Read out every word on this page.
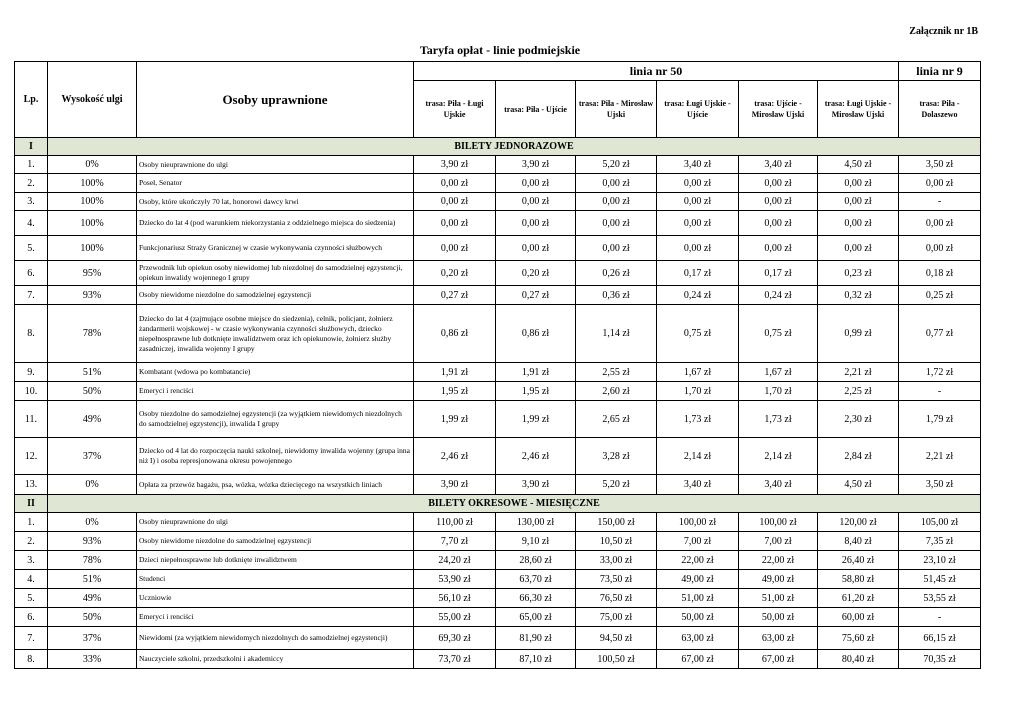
Załącznik nr 1B
Taryfa opłat - linie podmiejskie
Lp.	Wysokość ulgi	Osoby uprawnione	linia nr 50						linia nr 9
			trasa: Piła - Ługi Ujskie	trasa: Piła - Ujście	trasa: Piła - Mirosław Ujski	trasa: Ługi Ujskie - Ujście	trasa: Ujście - Mirosław Ujski	trasa: Ługi Ujskie - Mirosław Ujski	trasa: Piła - Dolaszewo
I	BILETY JEDNORAZOWE								
1.	0%	Osoby nieuprawnione do ulgi	3,90 zł	3,90 zł	5,20 zł	3,40 zł	3,40 zł	4,50 zł	3,50 zł
2.	100%	Poseł, Senator	0,00 zł	0,00 zł	0,00 zł	0,00 zł	0,00 zł	0,00 zł	0,00 zł
3.	100%	Osoby, które ukończyły 70 lat, honorowi dawcy krwi	0,00 zł	0,00 zł	0,00 zł	0,00 zł	0,00 zł	0,00 zł	-
4.	100%	Dziecko do lat 4 (pod warunkiem niekorzystania z oddzielnego miejsca do siedzenia)	0,00 zł	0,00 zł	0,00 zł	0,00 zł	0,00 zł	0,00 zł	0,00 zł
5.	100%	Funkcjonariusz Straży Granicznej w czasie wykonywania czynności służbowych	0,00 zł	0,00 zł	0,00 zł	0,00 zł	0,00 zł	0,00 zł	0,00 zł
6.	95%	Przewodnik lub opiekun osoby niewidomej lub niezdolnej do samodzielnej egzystencji, opiekun inwalidy wojennego I grupy	0,20 zł	0,20 zł	0,26 zł	0,17 zł	0,17 zł	0,23 zł	0,18 zł
7.	93%	Osoby niewidome niezdolne do samodzielnej egzystencji	0,27 zł	0,27 zł	0,36 zł	0,24 zł	0,24 zł	0,32 zł	0,25 zł
8.	78%	Dziecko do lat 4 (zajmujące osobne miejsce do siedzenia), celnik, policjant, żołnierz żandarmerii wojskowej - w czasie wykonywania czynności służbowych, dziecko niepełnosprawne lub dotknięte inwalidztwem oraz ich opiekunowie, żołnierz służby zasadniczej, inwalida wojenny I grupy	0,86 zł	0,86 zł	1,14 zł	0,75 zł	0,75 zł	0,99 zł	0,77 zł
9.	51%	Kombatant (wdowa po kombatancie)	1,91 zł	1,91 zł	2,55 zł	1,67 zł	1,67 zł	2,21 zł	1,72 zł
10.	50%	Emeryci i renciści	1,95 zł	1,95 zł	2,60 zł	1,70 zł	1,70 zł	2,25 zł	-
11.	49%	Osoby niezdolne do samodzielnej egzystencji (za wyjątkiem niewidomych niezdolnych do samodzielnej egzystencji), inwalida I grupy	1,99 zł	1,99 zł	2,65 zł	1,73 zł	1,73 zł	2,30 zł	1,79 zł
12.	37%	Dziecko od 4 lat do rozpoczęcia nauki szkolnej, niewidomy inwalida wojenny (grupa inna niż I) i osoba represjonowana okresu powojennego	2,46 zł	2,46 zł	3,28 zł	2,14 zł	2,14 zł	2,84 zł	2,21 zł
13.	0%	Opłata za przewóz bagażu, psa, wózka, wózka dziecięcego na wszystkich liniach	3,90 zł	3,90 zł	5,20 zł	3,40 zł	3,40 zł	4,50 zł	3,50 zł
II	BILETY OKRESOWE - MIESIĘCZNE								
1.	0%	Osoby nieuprawnione do ulgi	110,00 zł	130,00 zł	150,00 zł	100,00 zł	100,00 zł	120,00 zł	105,00 zł
2.	93%	Osoby niewidome niezdolne do samodzielnej egzystencji	7,70 zł	9,10 zł	10,50 zł	7,00 zł	7,00 zł	8,40 zł	7,35 zł
3.	78%	Dzieci niepełnosprawne lub dotknięte inwalidztwem	24,20 zł	28,60 zł	33,00 zł	22,00 zł	22,00 zł	26,40 zł	23,10 zł
4.	51%	Studenci	53,90 zł	63,70 zł	73,50 zł	49,00 zł	49,00 zł	58,80 zł	51,45 zł
5.	49%	Uczniowie	56,10 zł	66,30 zł	76,50 zł	51,00 zł	51,00 zł	61,20 zł	53,55 zł
6.	50%	Emeryci i renciści	55,00 zł	65,00 zł	75,00 zł	50,00 zł	50,00 zł	60,00 zł	-
7.	37%	Niewidomi (za wyjątkiem niewidomych niezdolnych do samodzielnej egzystencji)	69,30 zł	81,90 zł	94,50 zł	63,00 zł	63,00 zł	75,60 zł	66,15 zł
8.	33%	Nauczyciele szkolni, przedszkolni i akademiccy	73,70 zł	87,10 zł	100,50 zł	67,00 zł	67,00 zł	80,40 zł	70,35 zł
